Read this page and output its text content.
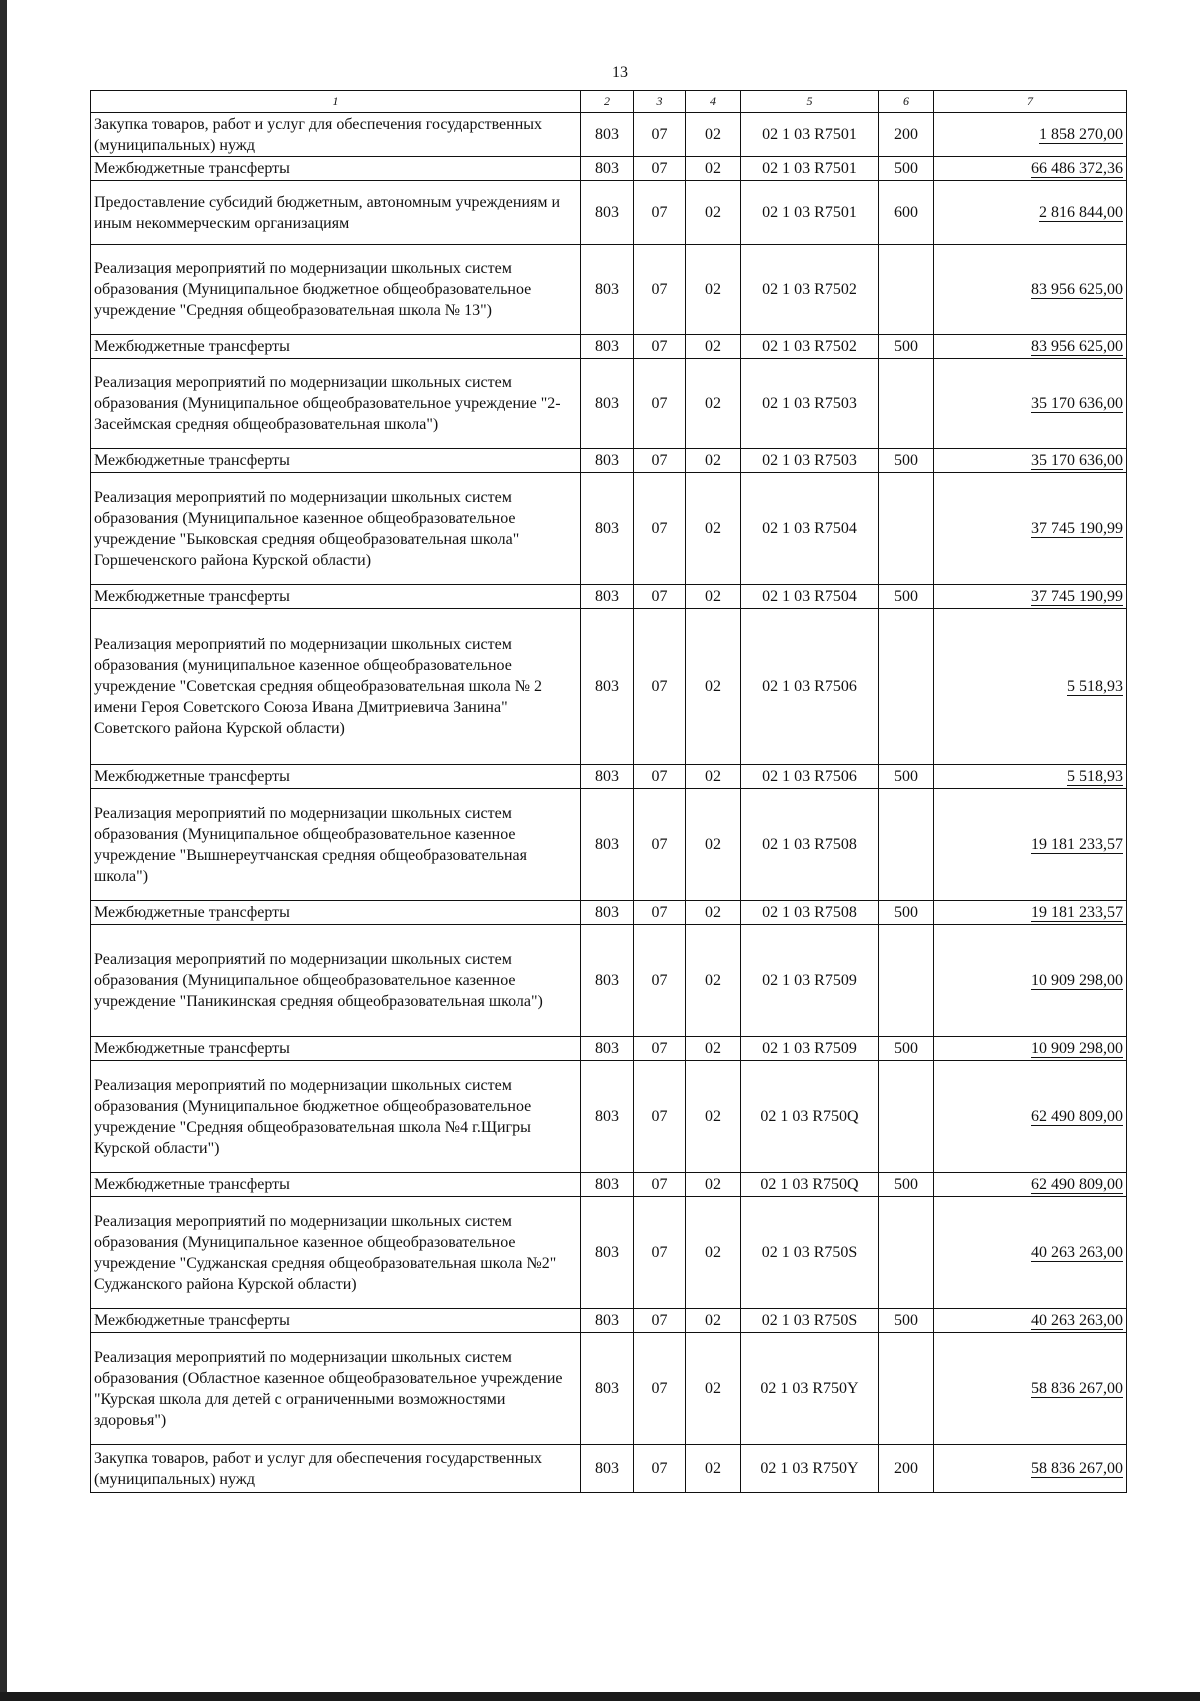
13
1	2	3	4	5	6	7
Закупка товаров, работ и услуг для обеспечения государственных (муниципальных) нужд	803	07	02	02 1 03 R7501	200	1 858 270,00
Межбюджетные трансферты	803	07	02	02 1 03 R7501	500	66 486 372,36
Предоставление субсидий бюджетным, автономным учреждениям и иным некоммерческим организациям	803	07	02	02 1 03 R7501	600	2 816 844,00
Реализация мероприятий по модернизации школьных систем образования (Муниципальное бюджетное общеобразовательное учреждение "Средняя общеобразовательная школа № 13")	803	07	02	02 1 03 R7502		83 956 625,00
Межбюджетные трансферты	803	07	02	02 1 03 R7502	500	83 956 625,00
Реализация мероприятий по модернизации школьных систем образования (Муниципальное общеобразовательное учреждение "2-Засеймская средняя общеобразовательная школа")	803	07	02	02 1 03 R7503		35 170 636,00
Межбюджетные трансферты	803	07	02	02 1 03 R7503	500	35 170 636,00
Реализация мероприятий по модернизации школьных систем образования (Муниципальное казенное общеобразовательное учреждение "Быковская средняя общеобразовательная школа" Горшеченского района Курской области)	803	07	02	02 1 03 R7504		37 745 190,99
Межбюджетные трансферты	803	07	02	02 1 03 R7504	500	37 745 190,99
Реализация мероприятий по модернизации школьных систем образования (муниципальное казенное общеобразовательное учреждение "Советская средняя общеобразовательная школа № 2 имени Героя Советского Союза Ивана Дмитриевича Занина" Советского района Курской области)	803	07	02	02 1 03 R7506		5 518,93
Межбюджетные трансферты	803	07	02	02 1 03 R7506	500	5 518,93
Реализация мероприятий по модернизации школьных систем образования (Муниципальное общеобразовательное казенное учреждение "Вышнереутчанская средняя общеобразовательная школа")	803	07	02	02 1 03 R7508		19 181 233,57
Межбюджетные трансферты	803	07	02	02 1 03 R7508	500	19 181 233,57
Реализация мероприятий по модернизации школьных систем образования (Муниципальное общеобразовательное казенное учреждение "Паникинская средняя общеобразовательная школа")	803	07	02	02 1 03 R7509		10 909 298,00
Межбюджетные трансферты	803	07	02	02 1 03 R7509	500	10 909 298,00
Реализация мероприятий по модернизации школьных систем образования (Муниципальное бюджетное общеобразовательное учреждение "Средняя общеобразовательная школа №4 г.Щигры Курской области")	803	07	02	02 1 03 R750Q		62 490 809,00
Межбюджетные трансферты	803	07	02	02 1 03 R750Q	500	62 490 809,00
Реализация мероприятий по модернизации школьных систем образования (Муниципальное казенное общеобразовательное учреждение "Суджанская средняя общеобразовательная школа №2" Суджанского района Курской области)	803	07	02	02 1 03 R750S		40 263 263,00
Межбюджетные трансферты	803	07	02	02 1 03 R750S	500	40 263 263,00
Реализация мероприятий по модернизации школьных систем образования (Областное казенное общеобразовательное учреждение "Курская школа для детей с ограниченными возможностями здоровья")	803	07	02	02 1 03 R750Y		58 836 267,00
Закупка товаров, работ и услуг для обеспечения государственных (муниципальных) нужд	803	07	02	02 1 03 R750Y	200	58 836 267,00
